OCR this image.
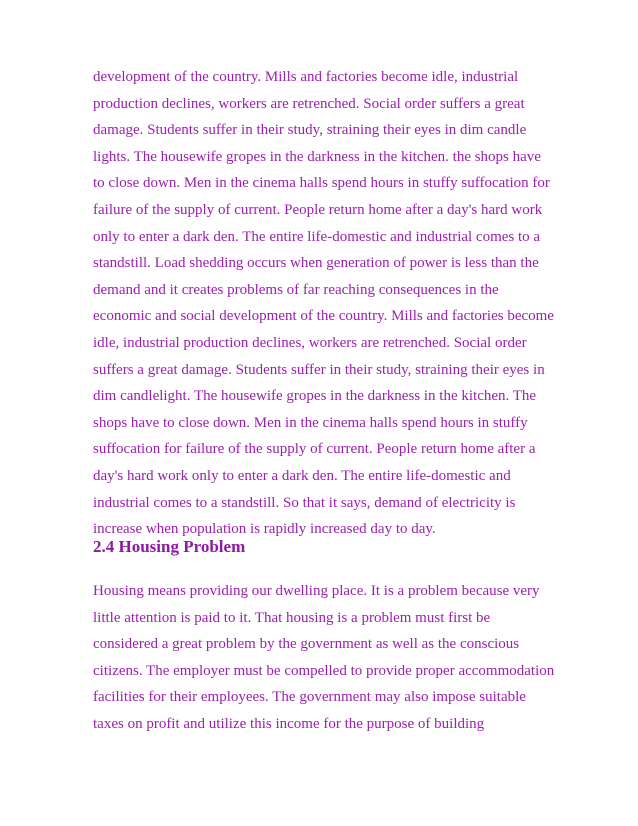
development of the country. Mills and factories become idle, industrial
production declines, workers are retrenched. Social order suffers a great
damage. Students suffer in their study, straining their eyes in dim candle
lights. The housewife gropes in the darkness in the kitchen. the shops have
to close down. Men in the cinema halls spend hours in stuffy suffocation for
failure of the supply of current. People return home after a day's hard work
only to enter a dark den. The entire life-domestic and industrial comes to a
standstill. Load shedding occurs when generation of power is less than the
demand and it creates problems of far reaching consequences in the
economic and social development of the country. Mills and factories become
idle, industrial production declines, workers are retrenched. Social order
suffers a great damage. Students suffer in their study, straining their eyes in
dim candlelight. The housewife gropes in the darkness in the kitchen. The
shops have to close down. Men in the cinema halls spend hours in stuffy
suffocation for failure of the supply of current. People return home after a
day's hard work only to enter a dark den. The entire life-domestic and
industrial comes to a standstill. So that it says, demand of electricity is
increase when population is rapidly increased day to day.
2.4 Housing Problem
Housing means providing our dwelling place. It is a problem because very
little attention is paid to it. That housing is a problem must first be
considered a great problem by the government as well as the conscious
citizens. The employer must be compelled to provide proper accommodation
facilities for their employees. The government may also impose suitable
taxes on profit and utilize this income for the purpose of building
